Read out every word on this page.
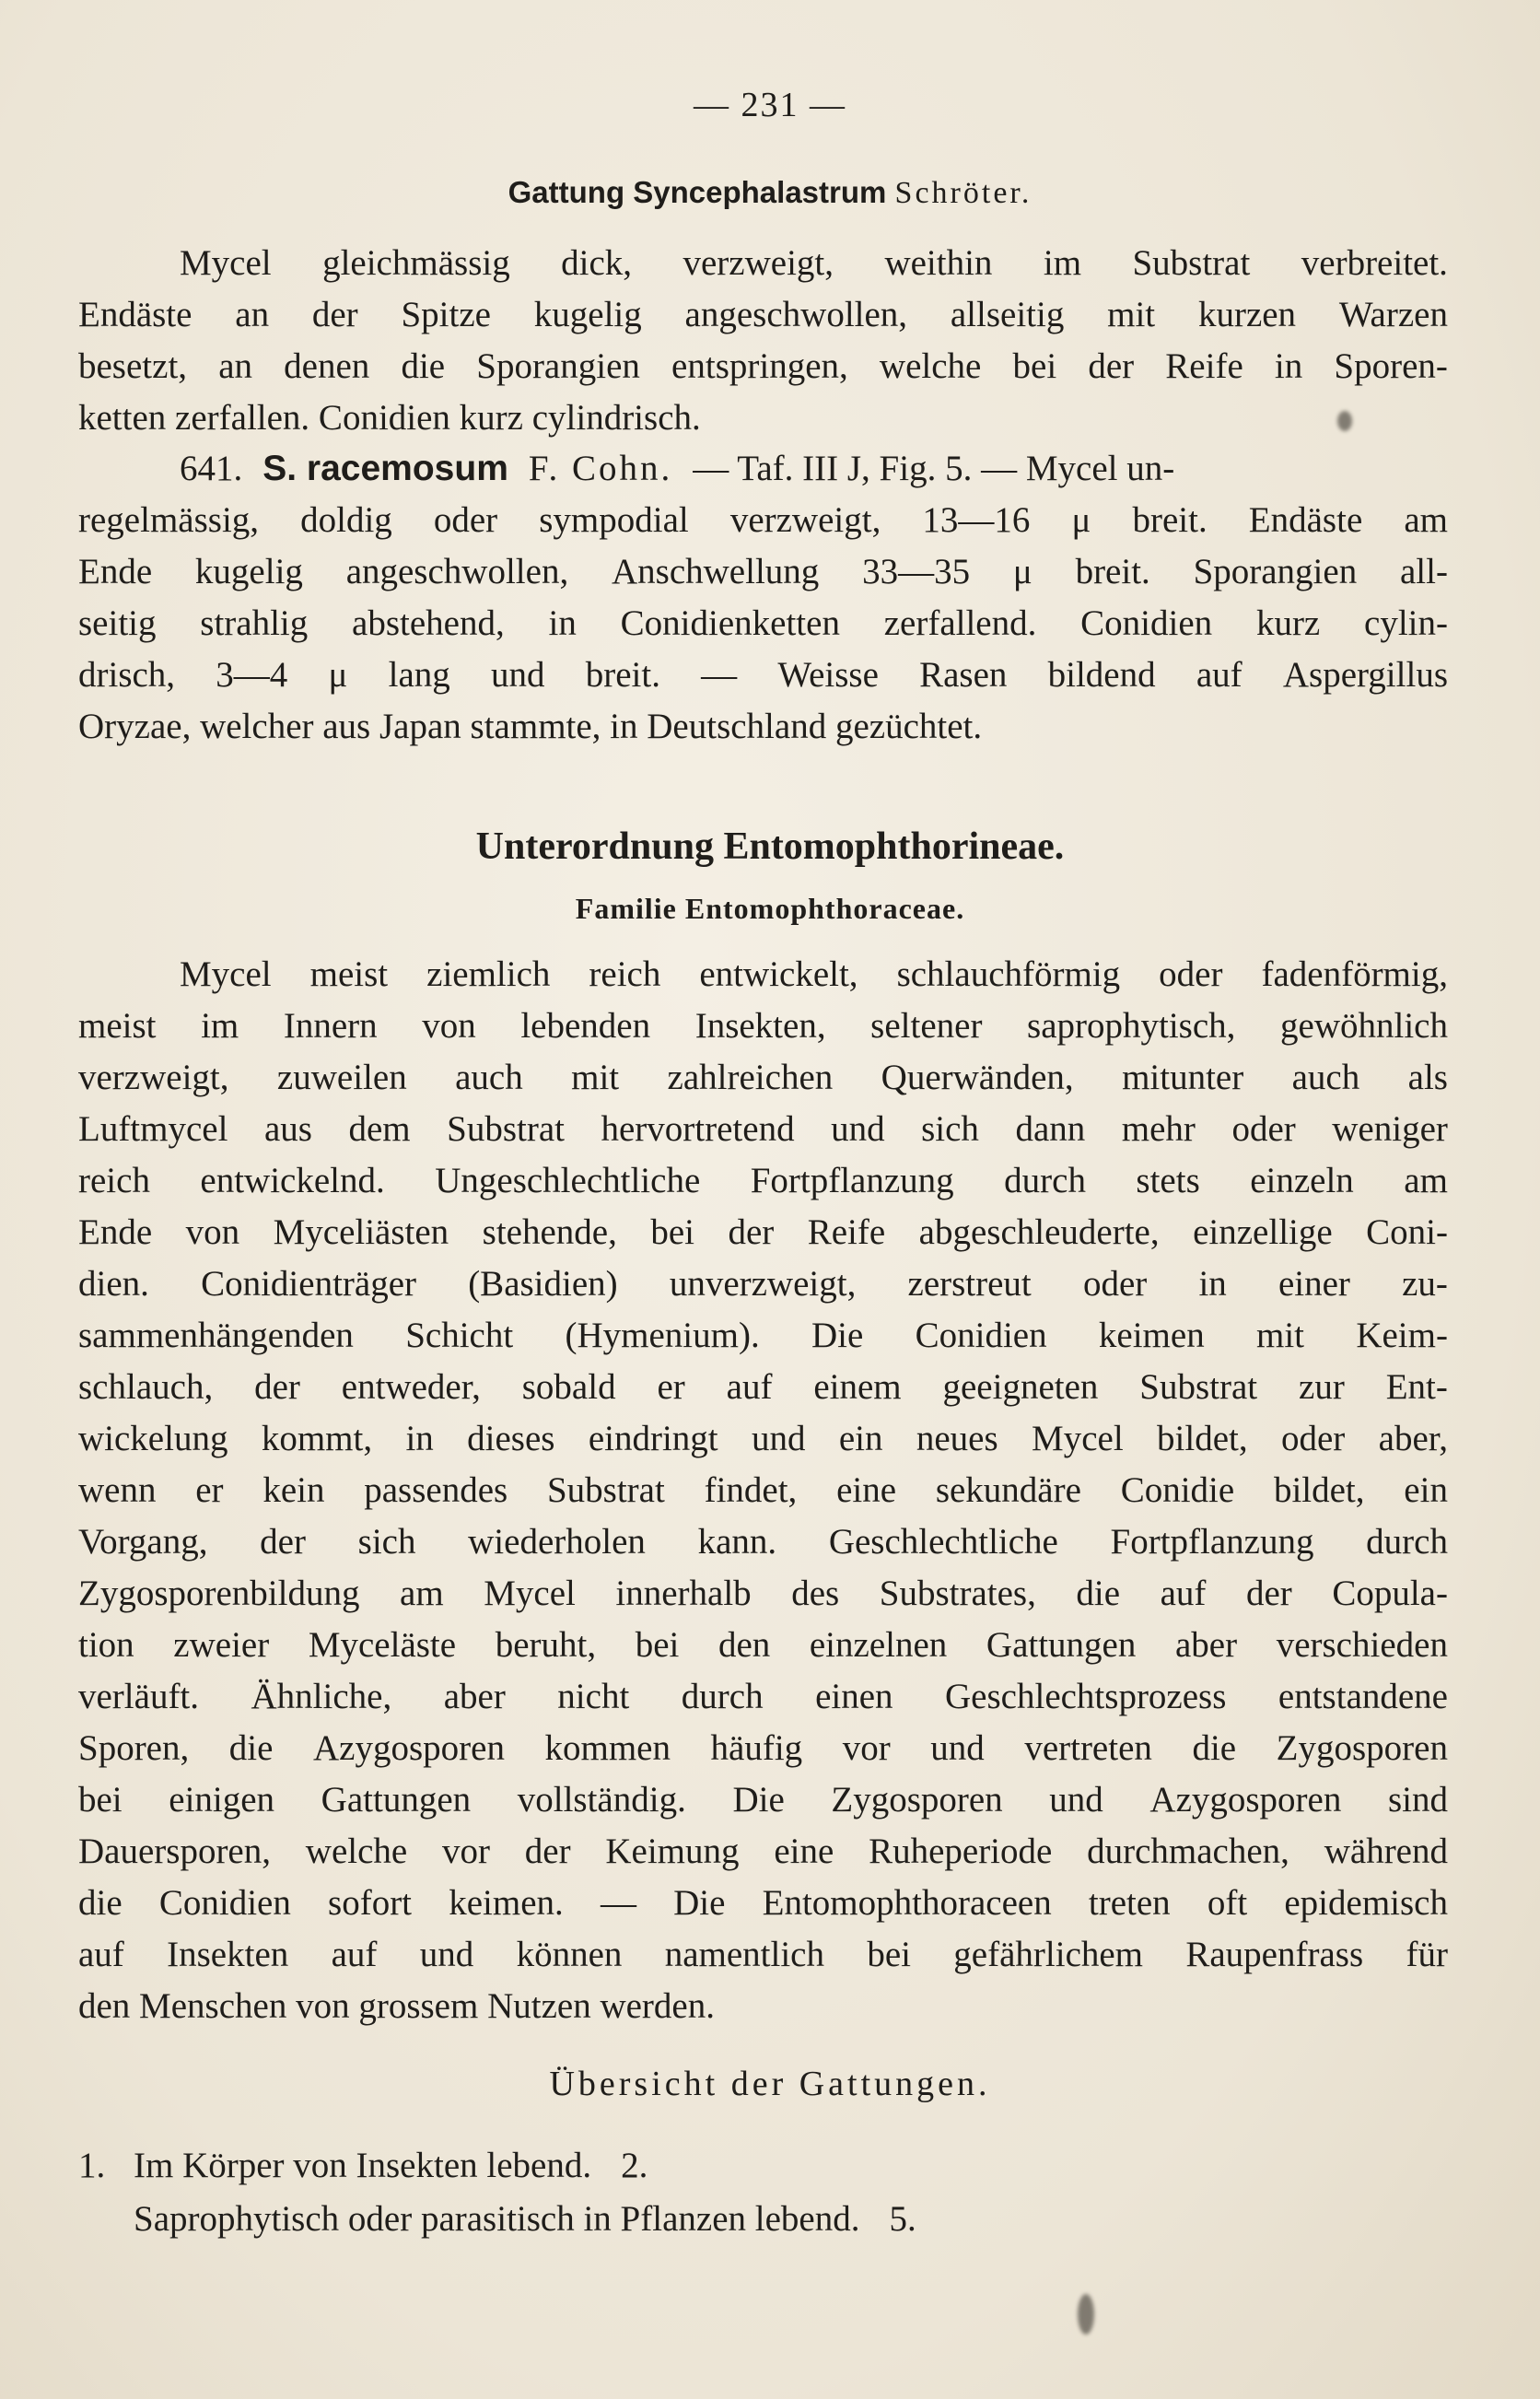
— 231 —
Gattung Syncephalastrum Schröter.
Mycel gleichmässig dick, verzweigt, weithin im Substrat verbreitet.
Endäste an der Spitze kugelig angeschwollen, allseitig mit kurzen Warzen
besetzt, an denen die Sporangien entspringen, welche bei der Reife in Sporen-
ketten zerfallen. Conidien kurz cylindrisch.
641. S. racemosum F. Cohn. — Taf. III J, Fig. 5. — Mycel un-
regelmässig, doldig oder sympodial verzweigt, 13—16 μ breit. Endäste am
Ende kugelig angeschwollen, Anschwellung 33—35 μ breit. Sporangien all-
seitig strahlig abstehend, in Conidienketten zerfallend. Conidien kurz cylin-
drisch, 3—4 μ lang und breit. — Weisse Rasen bildend auf Aspergillus
Oryzae, welcher aus Japan stammte, in Deutschland gezüchtet.
Unterordnung Entomophthorineae.
Familie Entomophthoraceae.
Mycel meist ziemlich reich entwickelt, schlauchförmig oder fadenförmig,
meist im Innern von lebenden Insekten, seltener saprophytisch, gewöhnlich
verzweigt, zuweilen auch mit zahlreichen Querwänden, mitunter auch als
Luftmycel aus dem Substrat hervortretend und sich dann mehr oder weniger
reich entwickelnd. Ungeschlechtliche Fortpflanzung durch stets einzeln am
Ende von Myceliästen stehende, bei der Reife abgeschleuderte, einzellige Coni-
dien. Conidienträger (Basidien) unverzweigt, zerstreut oder in einer zu-
sammenhängenden Schicht (Hymenium). Die Conidien keimen mit Keim-
schlauch, der entweder, sobald er auf einem geeigneten Substrat zur Ent-
wickelung kommt, in dieses eindringt und ein neues Mycel bildet, oder aber,
wenn er kein passendes Substrat findet, eine sekundäre Conidie bildet, ein
Vorgang, der sich wiederholen kann. Geschlechtliche Fortpflanzung durch
Zygosporenbildung am Mycel innerhalb des Substrates, die auf der Copula-
tion zweier Myceläste beruht, bei den einzelnen Gattungen aber verschieden
verläuft. Ähnliche, aber nicht durch einen Geschlechtsprozess entstandene
Sporen, die Azygosporen kommen häufig vor und vertreten die Zygosporen
bei einigen Gattungen vollständig. Die Zygosporen und Azygosporen sind
Dauersporen, welche vor der Keimung eine Ruheperiode durchmachen, während
die Conidien sofort keimen. — Die Entomophthoraceen treten oft epidemisch
auf Insekten auf und können namentlich bei gefährlichem Raupenfrass für
den Menschen von grossem Nutzen werden.
Übersicht der Gattungen.
1. Im Körper von Insekten lebend. 2.
Saprophytisch oder parasitisch in Pflanzen lebend. 5.
